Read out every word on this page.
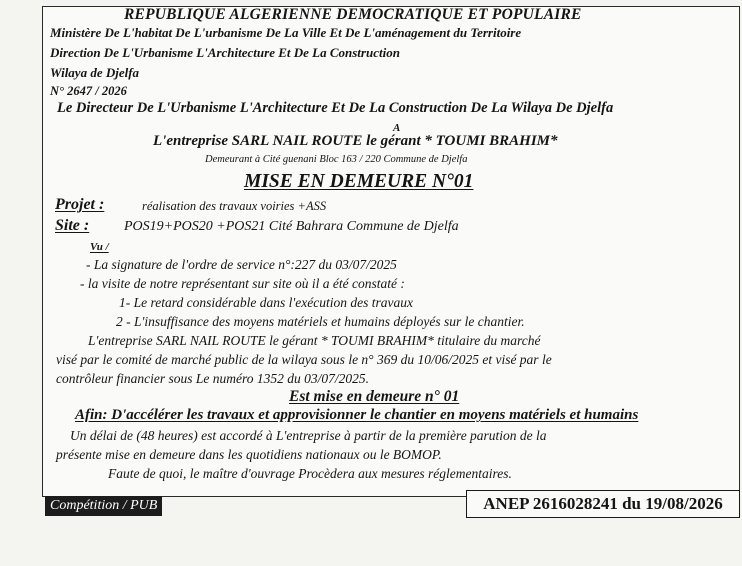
REPUBLIQUE ALGERIENNE DEMOCRATIQUE ET POPULAIRE
Ministère De L'habitat De L'urbanisme De La Ville Et De L'aménagement du Territoire
Direction De L'Urbanisme L'Architecture Et De La Construction
Wilaya de Djelfa
N° 2647 / 2026
Le Directeur De L'Urbanisme L'Architecture Et De La Construction De La Wilaya De Djelfa
A
L'entreprise SARL NAIL ROUTE le gérant * TOUMI BRAHIM*
Demeurant à Cité guenani Bloc 163 / 220 Commune de Djelfa
MISE EN DEMEURE N°01
Projet :	réalisation des travaux voiries +ASS
Site : POS19+POS20 +POS21 Cité Bahrara Commune de Djelfa
Vu /
- La signature de l'ordre de service n°:227 du 03/07/2025
- la visite de notre représentant sur site où il a été constaté :
1- Le retard considérable dans l'exécution des travaux
2 - L'insuffisance des moyens matériels et humains déployés sur le chantier.
L'entreprise SARL NAIL ROUTE le gérant * TOUMI BRAHIM* titulaire du marché
visé par le comité de marché public de la wilaya sous le n° 369 du 10/06/2025 et visé par le
contrôleur financier sous Le numéro 1352 du 03/07/2025.
Est mise en demeure n° 01
Afin: D'accélérer les travaux et approvisionner le chantier en moyens matériels et humains
Un délai de (48 heures) est accordé à L'entreprise à partir de la première parution de la
présente mise en demeure dans les quotidiens nationaux ou le BOMOP.
Faute de quoi, le maître d'ouvrage Procèdera aux mesures réglementaires.
Compétition / PUB	ANEP 2616028241 du 19/08/2026
